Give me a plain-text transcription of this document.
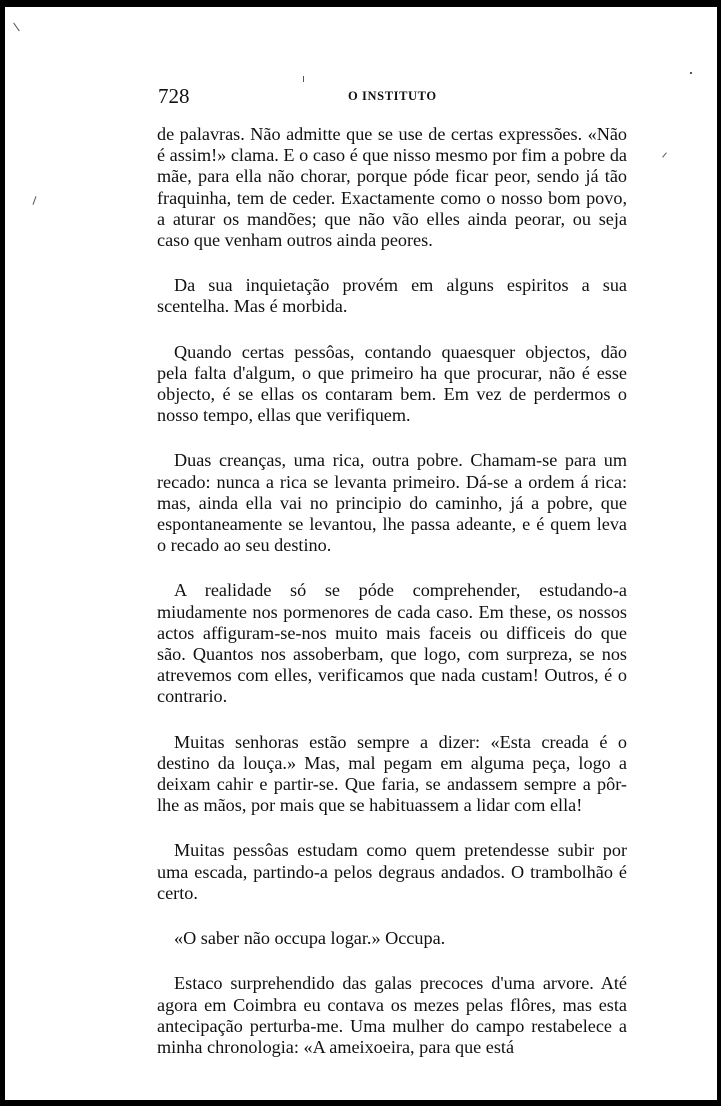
728	O INSTITUTO

de palavras. Não admitte que se use de certas expressões. «Não é assim!» clama. E o caso é que nisso mesmo por fim a pobre da mãe, para ella não chorar, porque póde ficar peor, sendo já tão fraquinha, tem de ceder. Exactamente como o nosso bom povo, a aturar os mandões; que não vão elles ainda peorar, ou seja caso que venham outros ainda peores.

Da sua inquietação provém em alguns espiritos a sua scentelha. Mas é morbida.

Quando certas pessôas, contando quaesquer objectos, dão pela falta d'algum, o que primeiro ha que procurar, não é esse objecto, é se ellas os contaram bem. Em vez de perdermos o nosso tempo, ellas que verifiquem.

Duas creanças, uma rica, outra pobre. Chamam-se para um recado: nunca a rica se levanta primeiro. Dá-se a ordem á rica: mas, ainda ella vai no principio do caminho, já a pobre, que espontaneamente se levantou, lhe passa adeante, e é quem leva o recado ao seu destino.

A realidade só se póde comprehender, estudando-a miudamente nos pormenores de cada caso. Em these, os nossos actos affiguram-se-nos muito mais faceis ou difficeis do que são. Quantos nos assoberbam, que logo, com surpreza, se nos atrevemos com elles, verificamos que nada custam! Outros, é o contrario.

Muitas senhoras estão sempre a dizer: «Esta creada é o destino da louça.» Mas, mal pegam em alguma peça, logo a deixam cahir e partir-se. Que faria, se andassem sempre a pôr-lhe as mãos, por mais que se habituassem a lidar com ella!

Muitas pessôas estudam como quem pretendesse subir por uma escada, partindo-a pelos degraus andados. O trambolhão é certo.

«O saber não occupa logar.» Occupa.

Estaco surprehendido das galas precoces d'uma arvore. Até agora em Coimbra eu contava os mezes pelas flôres, mas esta antecipação perturba-me. Uma mulher do campo restabelece a minha chronologia: «A ameixoeira, para que está
